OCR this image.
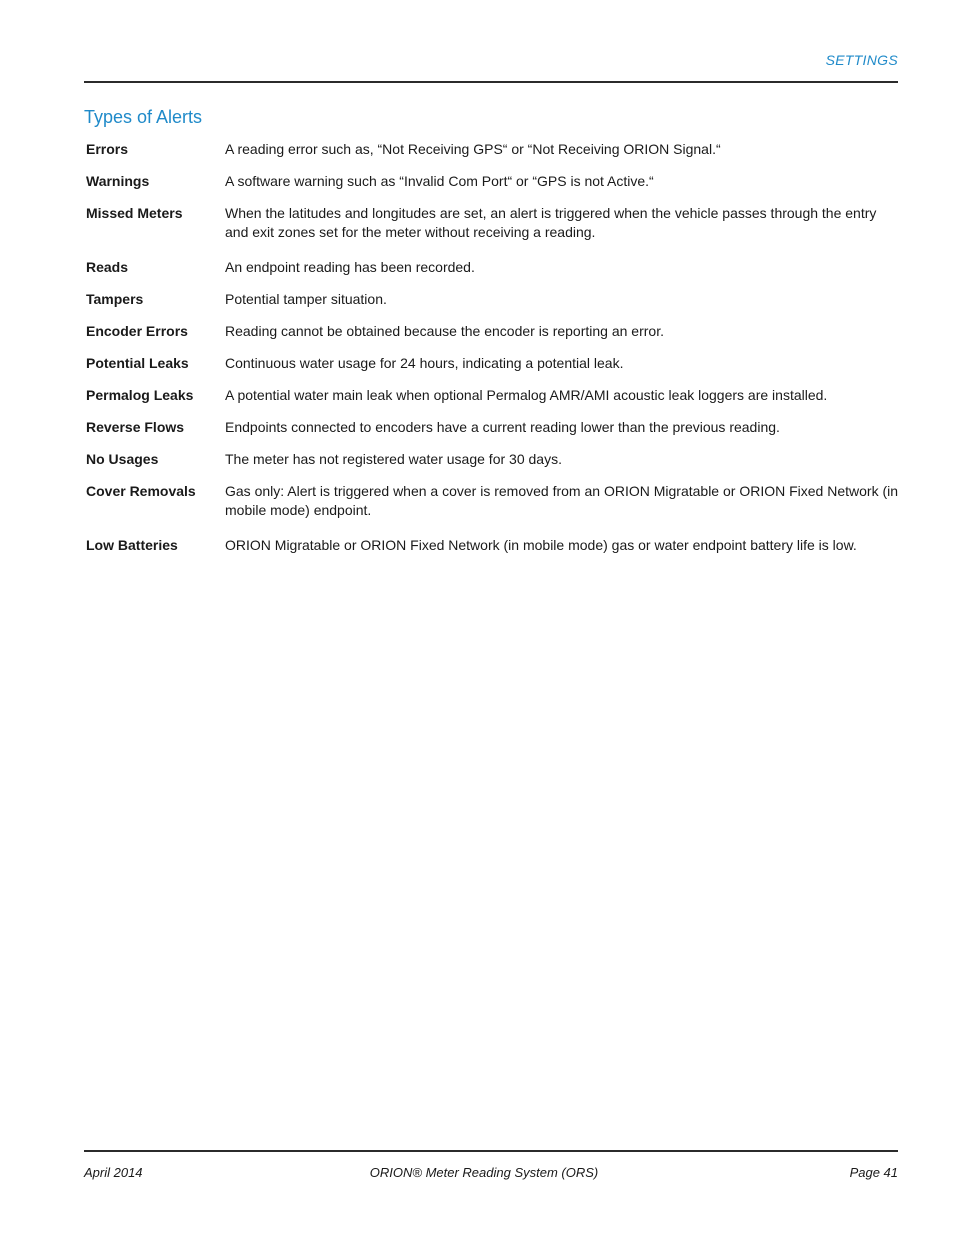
SETTINGS
Types of Alerts
Errors	A reading error such as, “Not Receiving GPS“ or “Not Receiving ORION Signal.“
Warnings	A software warning such as “Invalid Com Port“ or “GPS is not Active.“
Missed Meters	When the latitudes and longitudes are set, an alert is triggered when the vehicle passes through the entry and exit zones set for the meter without receiving a reading.
Reads	An endpoint reading has been recorded.
Tampers	Potential tamper situation.
Encoder Errors	Reading cannot be obtained because the encoder is reporting an error.
Potential Leaks	Continuous water usage for 24 hours, indicating a potential leak.
Permalog Leaks	A potential water main leak when optional Permalog AMR/AMI acoustic leak loggers are installed.
Reverse Flows	Endpoints connected to encoders have a current reading lower than the previous reading.
No Usages	The meter has not registered water usage for 30 days.
Cover Removals	Gas only: Alert is triggered when a cover is removed from an ORION Migratable or ORION Fixed Network (in mobile mode) endpoint.
Low Batteries	ORION Migratable or ORION Fixed Network (in mobile mode) gas or water endpoint battery life is low.
April 2014	ORION® Meter Reading System (ORS)	Page 41
